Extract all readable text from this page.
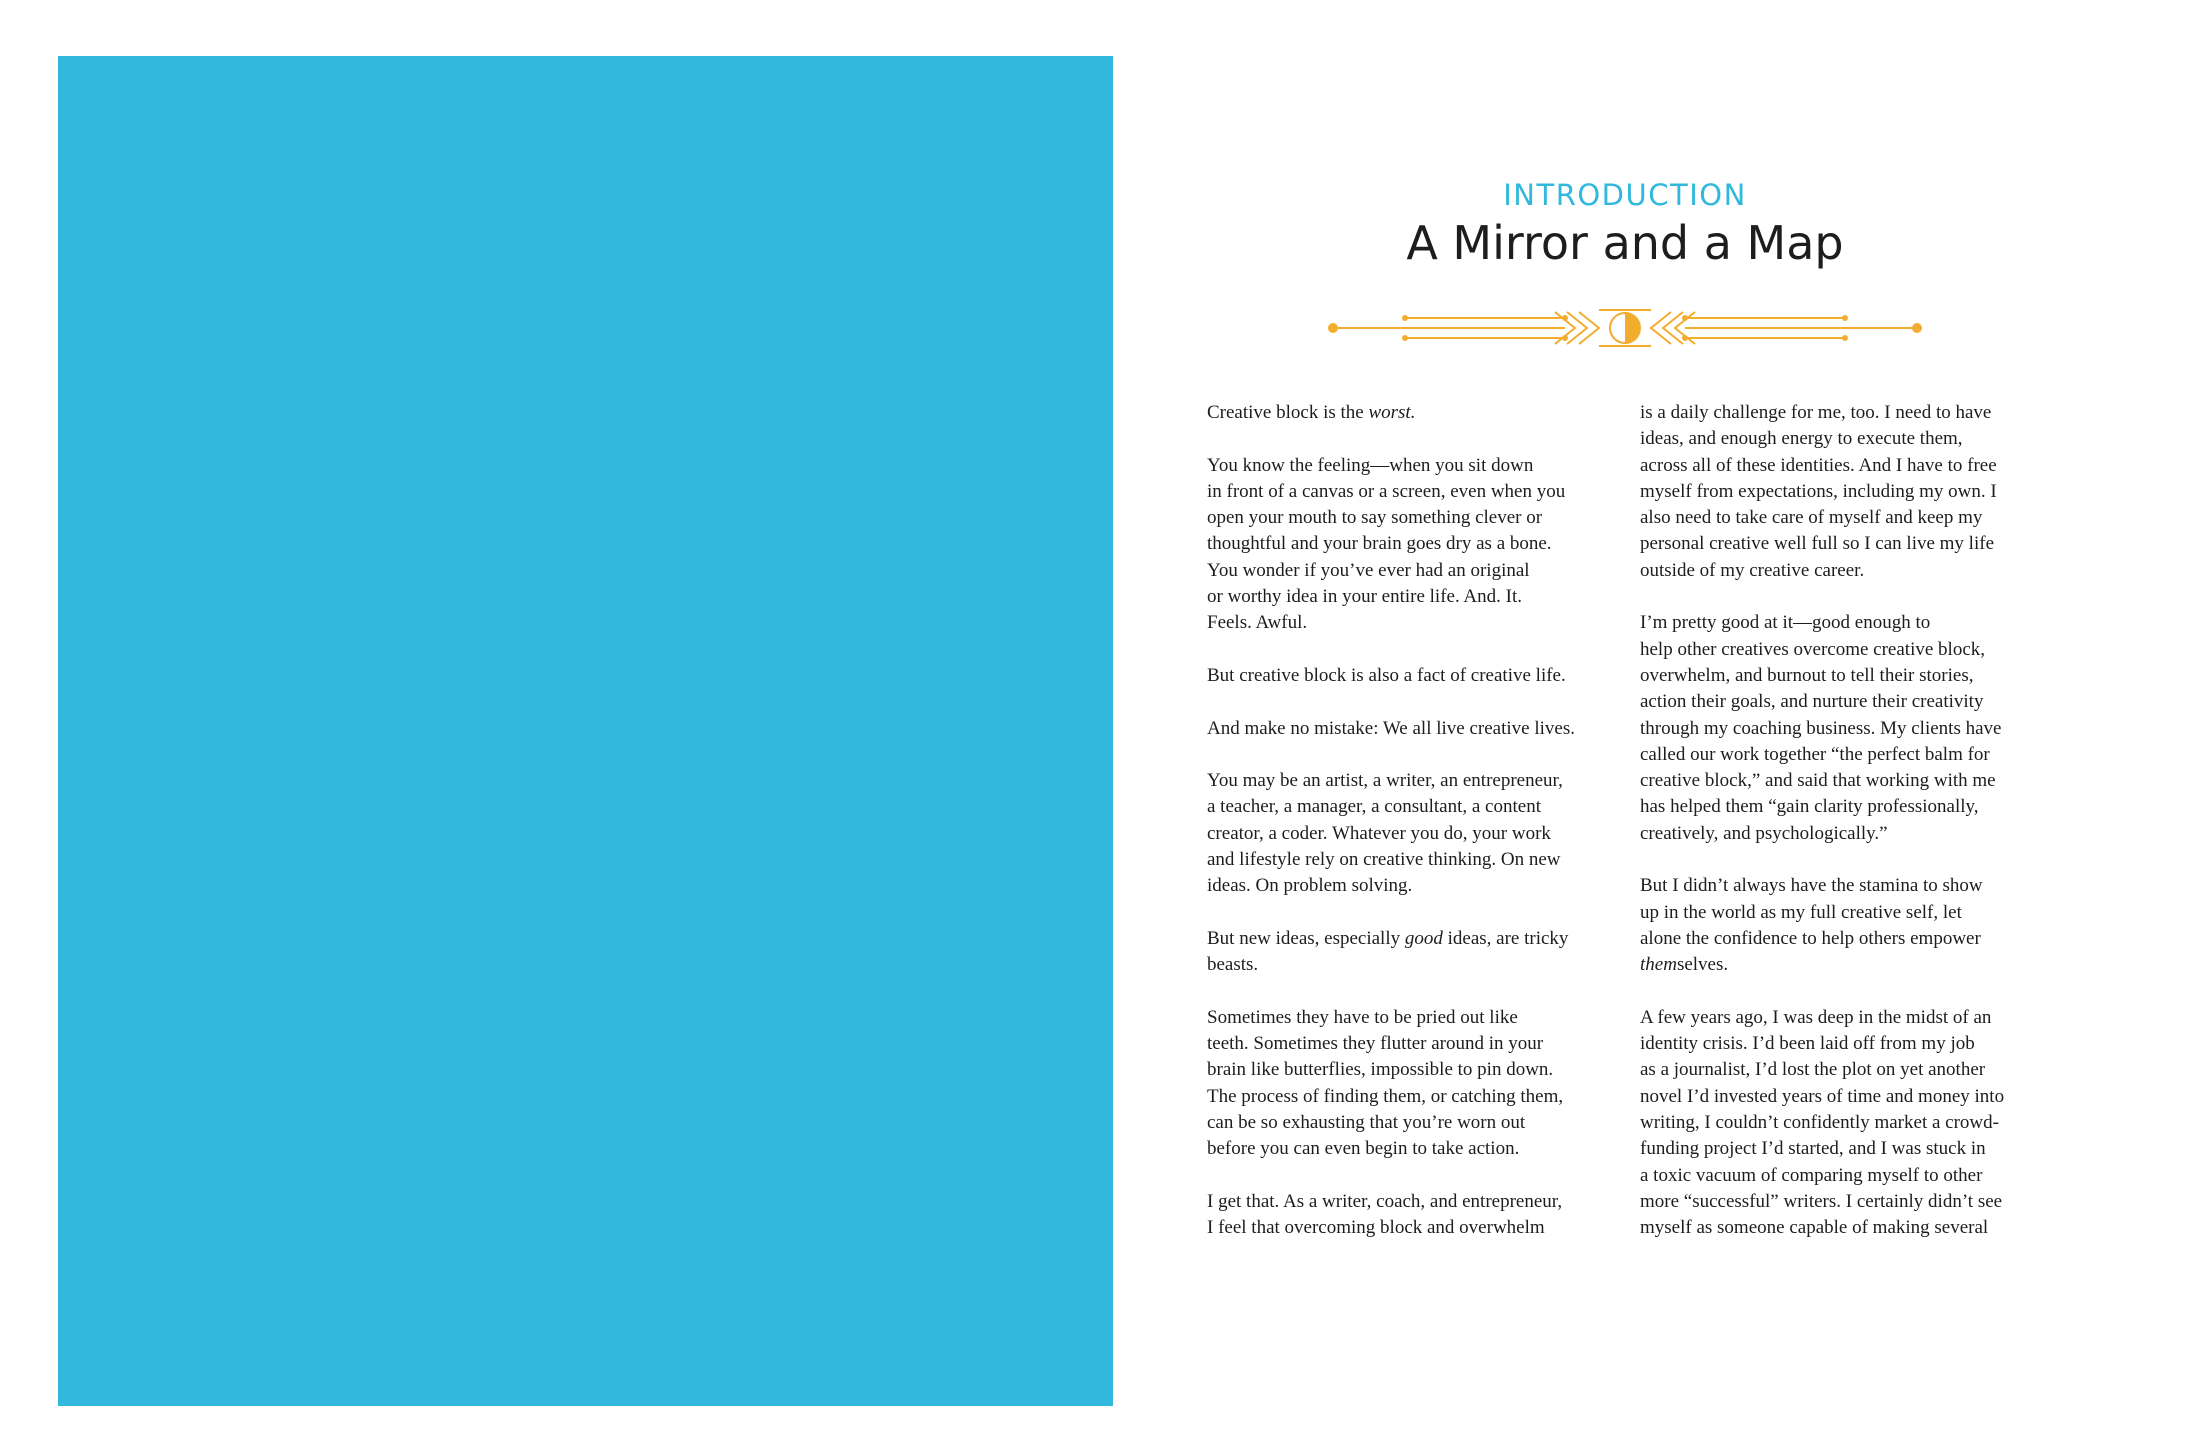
INTRODUCTION
A Mirror and a Map

Creative block is the worst.

You know the feeling—when you sit down
in front of a canvas or a screen, even when you
open your mouth to say something clever or
thoughtful and your brain goes dry as a bone.
You wonder if you’ve ever had an original
or worthy idea in your entire life. And. It.
Feels. Awful.

But creative block is also a fact of creative life.

And make no mistake: We all live creative lives.

You may be an artist, a writer, an entrepreneur,
a teacher, a manager, a consultant, a content
creator, a coder. Whatever you do, your work
and lifestyle rely on creative thinking. On new
ideas. On problem solving.

But new ideas, especially good ideas, are tricky
beasts.

Sometimes they have to be pried out like
teeth. Sometimes they flutter around in your
brain like butterflies, impossible to pin down.
The process of finding them, or catching them,
can be so exhausting that you’re worn out
before you can even begin to take action.

I get that. As a writer, coach, and entrepreneur,
I feel that overcoming block and overwhelm

is a daily challenge for me, too. I need to have
ideas, and enough energy to execute them,
across all of these identities. And I have to free
myself from expectations, including my own. I
also need to take care of myself and keep my
personal creative well full so I can live my life
outside of my creative career.

I’m pretty good at it—good enough to
help other creatives overcome creative block,
overwhelm, and burnout to tell their stories,
action their goals, and nurture their creativity
through my coaching business. My clients have
called our work together “the perfect balm for
creative block,” and said that working with me
has helped them “gain clarity professionally,
creatively, and psychologically.”

But I didn’t always have the stamina to show
up in the world as my full creative self, let
alone the confidence to help others empower
themselves.

A few years ago, I was deep in the midst of an
identity crisis. I’d been laid off from my job
as a journalist, I’d lost the plot on yet another
novel I’d invested years of time and money into
writing, I couldn’t confidently market a crowd-
funding project I’d started, and I was stuck in
a toxic vacuum of comparing myself to other
more “successful” writers. I certainly didn’t see
myself as someone capable of making several
